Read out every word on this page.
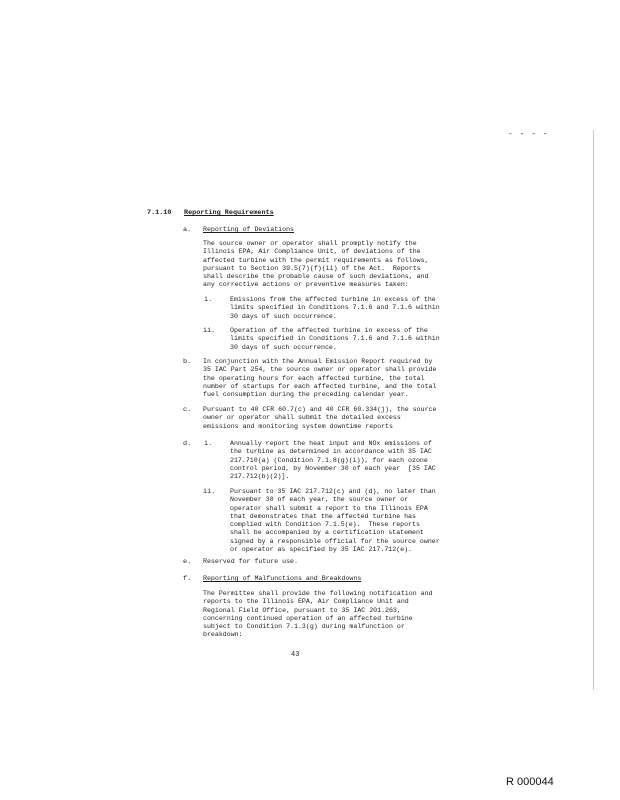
- - - -
7.1.10 Reporting Requirements
a. Reporting of Deviations
The source owner or operator shall promptly notify the
Illinois EPA, Air Compliance Unit, of deviations of the
affected turbine with the permit requirements as follows,
pursuant to Section 39.5(7)(f)(ii) of the Act.  Reports
shall describe the probable cause of such deviations, and
any corrective actions or preventive measures taken:
i.	Emissions from the affected turbine in excess of the
limits specified in Conditions 7.1.6 and 7.1.6 within
30 days of such occurrence.
ii. Operation of the affected turbine in excess of the
limits specified in Conditions 7.1.6 and 7.1.6 within
30 days of such occurrence.
b. In conjunction with the Annual Emission Report required by
35 IAC Part 254, the source owner or operator shall provide
the operating hours for each affected turbine, the total
number of startups for each affected turbine, and the total
fuel consumption during the preceding calendar year.
c. Pursuant to 40 CFR 60.7(c) and 40 CFR 60.334(j), the source
owner or operator shall submit the detailed excess
emissions and monitoring system downtime reports
d. i.	Annually report the heat input and NOx emissions of
the turbine as determined in accordance with 35 IAC
217.710(a) (Condition 7.1.8(g)(i)), for each ozone
control period, by November 30 of each year  [35 IAC
217.712(b)(2)].
ii. Pursuant to 35 IAC 217.712(c) and (d), no later than
November 30 of each year, the source owner or
operator shall submit a report to the Illinois EPA
that demonstrates that the affected turbine has
complied with Condition 7.1.5(e).  These reports
shall be accompanied by a certification statement
signed by a responsible official for the source owner
or operator as specified by 35 IAC 217.712(e).
e. Reserved for future use.
f. Reporting of Malfunctions and Breakdowns
The Permittee shall provide the following notification and
reports to the Illinois EPA, Air Compliance Unit and
Regional Field Office, pursuant to 35 IAC 201.263,
concerning continued operation of an affected turbine
subject to Condition 7.1.3(g) during malfunction or
breakdown:
43
R 000044
